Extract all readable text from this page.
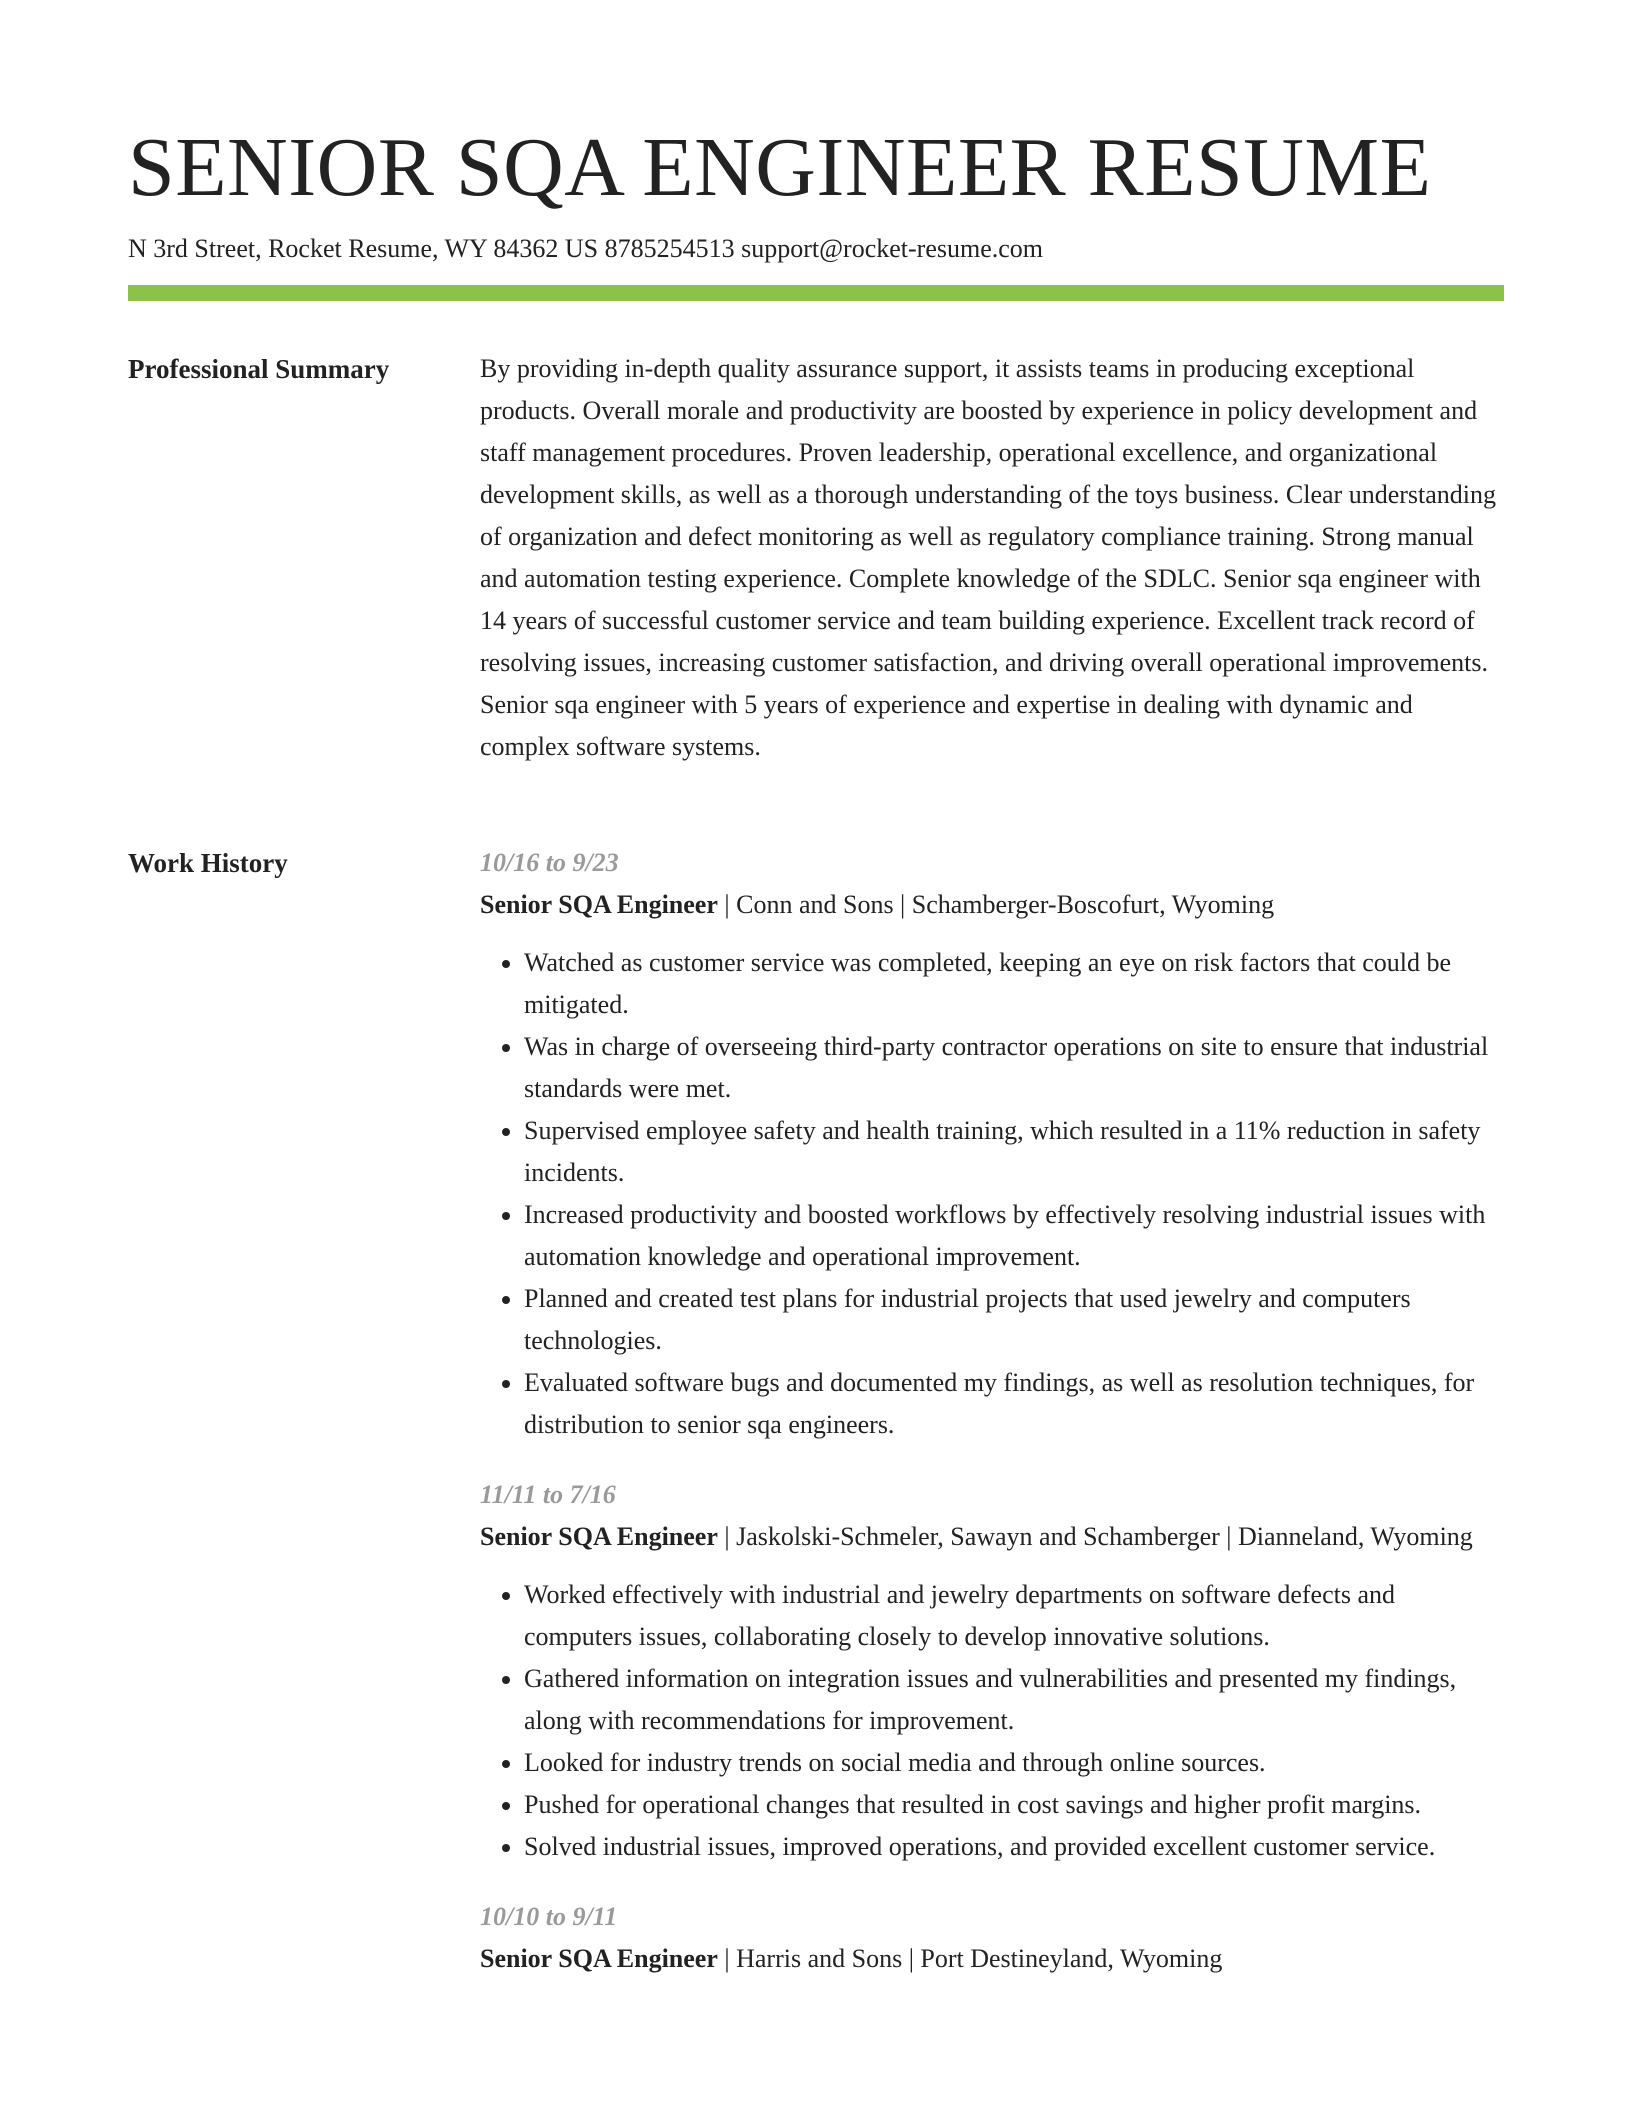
SENIOR SQA ENGINEER RESUME
N 3rd Street, Rocket Resume, WY 84362 US 8785254513 support@rocket-resume.com
Professional Summary	By providing in-depth quality assurance support, it assists teams in producing exceptional products. Overall morale and productivity are boosted by experience in policy development and staff management procedures. Proven leadership, operational excellence, and organizational development skills, as well as a thorough understanding of the toys business. Clear understanding of organization and defect monitoring as well as regulatory compliance training. Strong manual and automation testing experience. Complete knowledge of the SDLC. Senior sqa engineer with 14 years of successful customer service and team building experience. Excellent track record of resolving issues, increasing customer satisfaction, and driving overall operational improvements. Senior sqa engineer with 5 years of experience and expertise in dealing with dynamic and complex software systems.

Work History	10/16 to 9/23
Senior SQA Engineer | Conn and Sons | Schamberger-Boscofurt, Wyoming
• Watched as customer service was completed, keeping an eye on risk factors that could be mitigated.
• Was in charge of overseeing third-party contractor operations on site to ensure that industrial standards were met.
• Supervised employee safety and health training, which resulted in a 11% reduction in safety incidents.
• Increased productivity and boosted workflows by effectively resolving industrial issues with automation knowledge and operational improvement.
• Planned and created test plans for industrial projects that used jewelry and computers technologies.
• Evaluated software bugs and documented my findings, as well as resolution techniques, for distribution to senior sqa engineers.
11/11 to 7/16
Senior SQA Engineer | Jaskolski-Schmeler, Sawayn and Schamberger | Dianneland, Wyoming
• Worked effectively with industrial and jewelry departments on software defects and computers issues, collaborating closely to develop innovative solutions.
• Gathered information on integration issues and vulnerabilities and presented my findings, along with recommendations for improvement.
• Looked for industry trends on social media and through online sources.
• Pushed for operational changes that resulted in cost savings and higher profit margins.
• Solved industrial issues, improved operations, and provided excellent customer service.
10/10 to 9/11
Senior SQA Engineer | Harris and Sons | Port Destineyland, Wyoming
